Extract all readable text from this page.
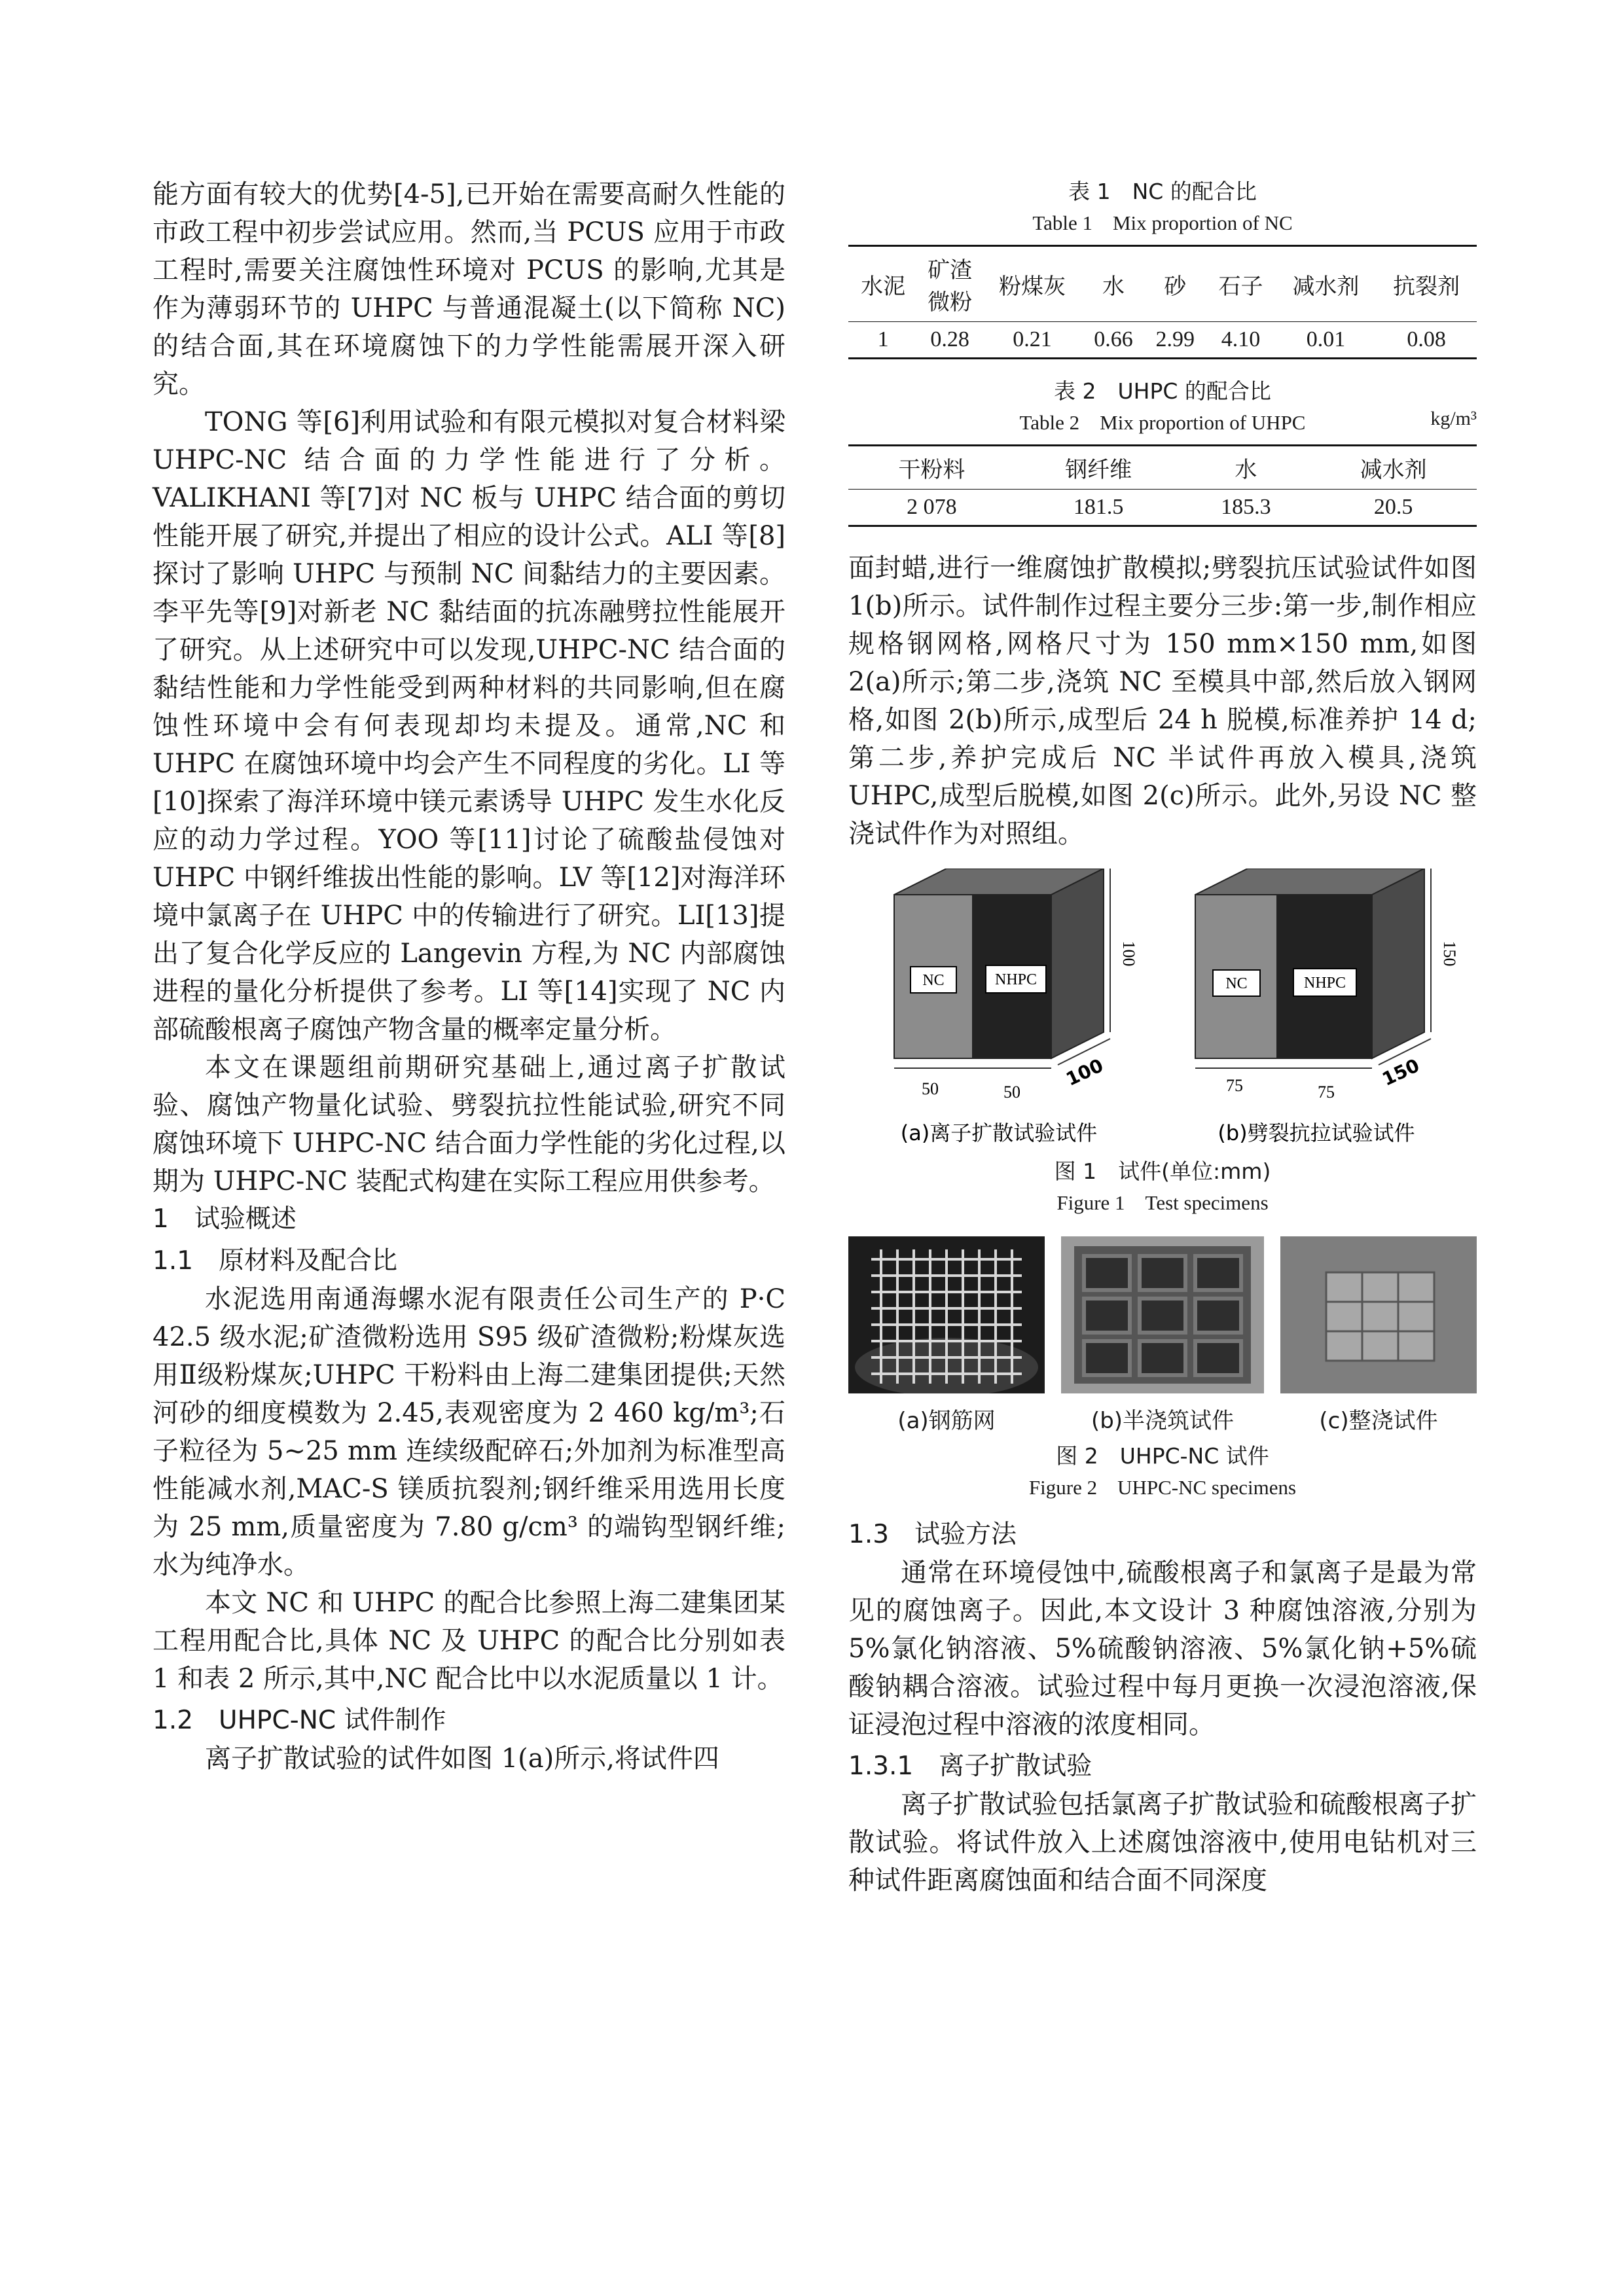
能方面有较大的优势[4-5],已开始在需要高耐久性能的市政工程中初步尝试应用。然而,当 PCUS 应用于市政工程时,需要关注腐蚀性环境对 PCUS 的影响,尤其是作为薄弱环节的 UHPC 与普通混凝土(以下简称 NC)的结合面,其在环境腐蚀下的力学性能需展开深入研究。

TONG 等[6]利用试验和有限元模拟对复合材料梁 UHPC-NC 结合面的力学性能进行了分析。VALIKHANI 等[7]对 NC 板与 UHPC 结合面的剪切性能开展了研究,并提出了相应的设计公式。ALI 等[8]探讨了影响 UHPC 与预制 NC 间黏结力的主要因素。李平先等[9]对新老 NC 黏结面的抗冻融劈拉性能展开了研究。从上述研究中可以发现,UHPC-NC 结合面的黏结性能和力学性能受到两种材料的共同影响,但在腐蚀性环境中会有何表现却均未提及。通常,NC 和 UHPC 在腐蚀环境中均会产生不同程度的劣化。LI 等[10]探索了海洋环境中镁元素诱导 UHPC 发生水化反应的动力学过程。YOO 等[11]讨论了硫酸盐侵蚀对 UHPC 中钢纤维拔出性能的影响。LV 等[12]对海洋环境中氯离子在 UHPC 中的传输进行了研究。LI[13]提出了复合化学反应的 Langevin 方程,为 NC 内部腐蚀进程的量化分析提供了参考。LI 等[14]实现了 NC 内部硫酸根离子腐蚀产物含量的概率定量分析。

本文在课题组前期研究基础上,通过离子扩散试验、腐蚀产物量化试验、劈裂抗拉性能试验,研究不同腐蚀环境下 UHPC-NC 结合面力学性能的劣化过程,以期为 UHPC-NC 装配式构建在实际工程应用供参考。

1　试验概述

1.1　原材料及配合比

水泥选用南通海螺水泥有限责任公司生产的 P·C 42.5 级水泥;矿渣微粉选用 S95 级矿渣微粉;粉煤灰选用Ⅱ级粉煤灰;UHPC 干粉料由上海二建集团提供;天然河砂的细度模数为 2.45,表观密度为 2 460 kg/m³;石子粒径为 5~25 mm 连续级配碎石;外加剂为标准型高性能减水剂,MAC-S 镁质抗裂剂;钢纤维采用选用长度为 25 mm,质量密度为 7.80 g/cm³ 的端钩型钢纤维;水为纯净水。

本文 NC 和 UHPC 的配合比参照上海二建集团某工程用配合比,具体 NC 及 UHPC 的配合比分别如表 1 和表 2 所示,其中,NC 配合比中以水泥质量以 1 计。

1.2　UHPC-NC 试件制作

离子扩散试验的试件如图 1(a)所示,将试件四

表 1　NC 的配合比

Table 1　Mix proportion of NC

水泥	矿渣微粉	粉煤灰	水	砂	石子	减水剂	抗裂剂
1	0.28	0.21	0.66	2.99	4.10	0.01	0.08

表 2　UHPC 的配合比

Table 2　Mix proportion of UHPC	kg/m³
干粉料	钢纤维	水	减水剂
2 078	181.5	185.3	20.5

面封蜡,进行一维腐蚀扩散模拟;劈裂抗压试验试件如图 1(b)所示。试件制作过程主要分三步:第一步,制作相应规格钢网格,网格尺寸为 150 mm×150 mm,如图 2(a)所示;第二步,浇筑 NC 至模具中部,然后放入钢网格,如图 2(b)所示,成型后 24 h 脱模,标准养护 14 d;第二步,养护完成后 NC 半试件再放入模具,浇筑 UHPC,成型后脱模,如图 2(c)所示。此外,另设 NC 整浇试件作为对照组。

NC	NHPC
100
50	50
100
NC	NHPC
150
75	75
150
(a)离子扩散试验试件	(b)劈裂抗拉试验试件

图 1　试件(单位:mm)

Figure 1　Test specimens

(a)钢筋网	(b)半浇筑试件	(c)整浇试件

图 2　UHPC-NC 试件

Figure 2　UHPC-NC specimens

1.3　试验方法

通常在环境侵蚀中,硫酸根离子和氯离子是最为常见的腐蚀离子。因此,本文设计 3 种腐蚀溶液,分别为 5%氯化钠溶液、5%硫酸钠溶液、5%氯化钠+5%硫酸钠耦合溶液。试验过程中每月更换一次浸泡溶液,保证浸泡过程中溶液的浓度相同。

1.3.1　离子扩散试验

离子扩散试验包括氯离子扩散试验和硫酸根离子扩散试验。将试件放入上述腐蚀溶液中,使用电钻机对三种试件距离腐蚀面和结合面不同深度
